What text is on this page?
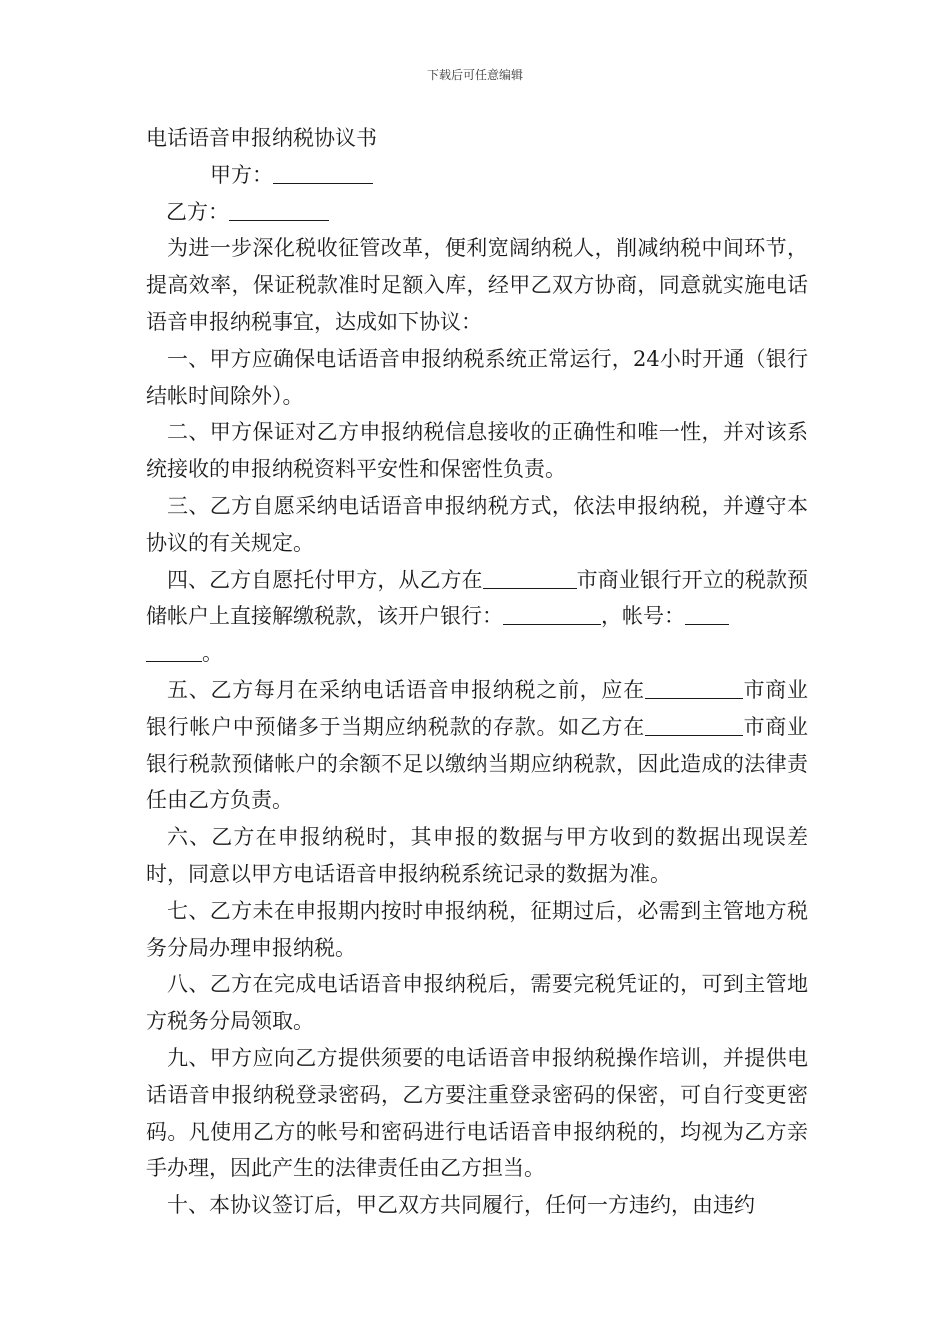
下载后可任意编辑

电话语音申报纳税协议书

甲方：

乙方：

为进一步深化税收征管改革，便利宽阔纳税人，削减纳税中间环节，提高效率，保证税款准时足额入库，经甲乙双方协商，同意就实施电话语音申报纳税事宜，达成如下协议：

一、甲方应确保电话语音申报纳税系统正常运行，24小时开通（银行结帐时间除外）。

二、甲方保证对乙方申报纳税信息接收的正确性和唯一性，并对该系统接收的申报纳税资料平安性和保密性负责。

三、乙方自愿采纳电话语音申报纳税方式，依法申报纳税，并遵守本协议的有关规定。

四、乙方自愿托付甲方，从乙方在	市商业银行开立的税款预储帐户上直接解缴税款，该开户银行：	，帐号：
。

五、乙方每月在采纳电话语音申报纳税之前，应在	市商业银行帐户中预储多于当期应纳税款的存款。如乙方在	市商业银行税款预储帐户的余额不足以缴纳当期应纳税款，因此造成的法律责任由乙方负责。

六、乙方在申报纳税时，其申报的数据与甲方收到的数据出现误差时，同意以甲方电话语音申报纳税系统记录的数据为准。

七、乙方未在申报期内按时申报纳税，征期过后，必需到主管地方税务分局办理申报纳税。

八、乙方在完成电话语音申报纳税后，需要完税凭证的，可到主管地方税务分局领取。

九、甲方应向乙方提供须要的电话语音申报纳税操作培训，并提供电话语音申报纳税登录密码，乙方要注重登录密码的保密，可自行变更密码。凡使用乙方的帐号和密码进行电话语音申报纳税的，均视为乙方亲手办理，因此产生的法律责任由乙方担当。

十、本协议签订后，甲乙双方共同履行，任何一方违约，由违约
